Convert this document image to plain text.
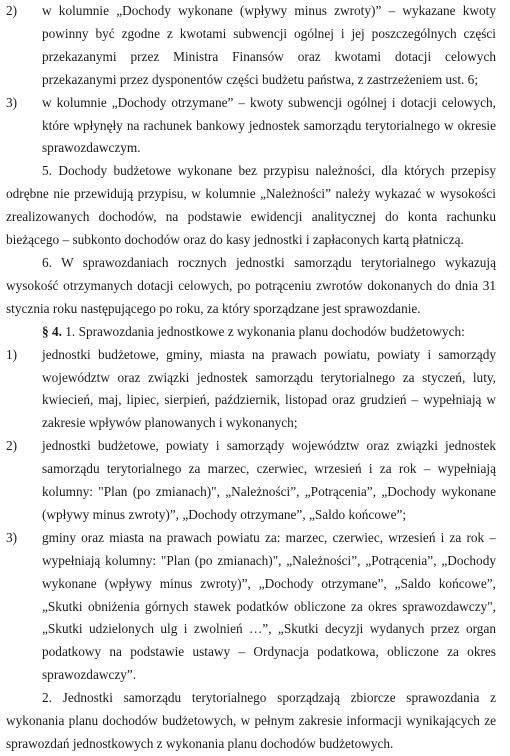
2)	w kolumnie „Dochody wykonane (wpływy minus zwroty)” – wykazane kwoty powinny być zgodne z kwotami subwencji ogólnej i jej poszczególnych części przekazanymi przez Ministra Finansów oraz kwotami dotacji celowych przekazanymi przez dysponentów części budżetu państwa, z zastrzeżeniem ust. 6;
3)	w kolumnie „Dochody otrzymane” – kwoty subwencji ogólnej i dotacji celowych, które wpłynęły na rachunek bankowy jednostek samorządu terytorialnego w okresie sprawozdawczym.
5. Dochody budżetowe wykonane bez przypisu należności, dla których przepisy odrębne nie przewidują przypisu, w kolumnie „Należności” należy wykazać w wysokości zrealizowanych dochodów, na podstawie ewidencji analitycznej do konta rachunku bieżącego – subkonto dochodów oraz do kasy jednostki i zapłaconych kartą płatniczą.
6. W sprawozdaniach rocznych jednostki samorządu terytorialnego wykazują wysokość otrzymanych dotacji celowych, po potrąceniu zwrotów dokonanych do dnia 31 stycznia roku następującego po roku, za który sporządzane jest sprawozdanie.
§ 4. 1. Sprawozdania jednostkowe z wykonania planu dochodów budżetowych:
1)	jednostki budżetowe, gminy, miasta na prawach powiatu, powiaty i samorządy województw oraz związki jednostek samorządu terytorialnego za styczeń, luty, kwiecień, maj, lipiec, sierpień, październik, listopad oraz grudzień – wypełniają w zakresie wpływów planowanych i wykonanych;
2)	jednostki budżetowe, powiaty i samorządy województw oraz związki jednostek samorządu terytorialnego za marzec, czerwiec, wrzesień i za rok – wypełniają kolumny: "Plan (po zmianach)", „Należności”, „Potrącenia”, „Dochody wykonane (wpływy minus zwroty)”, „Dochody otrzymane”, „Saldo końcowe”;
3)	gminy oraz miasta na prawach powiatu za: marzec, czerwiec, wrzesień i za rok – wypełniają kolumny: "Plan (po zmianach)", „Należności”, „Potrącenia”, „Dochody wykonane (wpływy minus zwroty)”, „Dochody otrzymane”, „Saldo końcowe”, „Skutki obniżenia górnych stawek podatków obliczone za okres sprawozdawczy", „Skutki udzielonych ulg i zwolnień …”, „Skutki decyzji wydanych przez organ podatkowy na podstawie ustawy – Ordynacja podatkowa, obliczone za okres sprawozdawczy”.
2. Jednostki samorządu terytorialnego sporządzają zbiorcze sprawozdania z wykonania planu dochodów budżetowych, w pełnym zakresie informacji wynikających ze sprawozdań jednostkowych z wykonania planu dochodów budżetowych.
